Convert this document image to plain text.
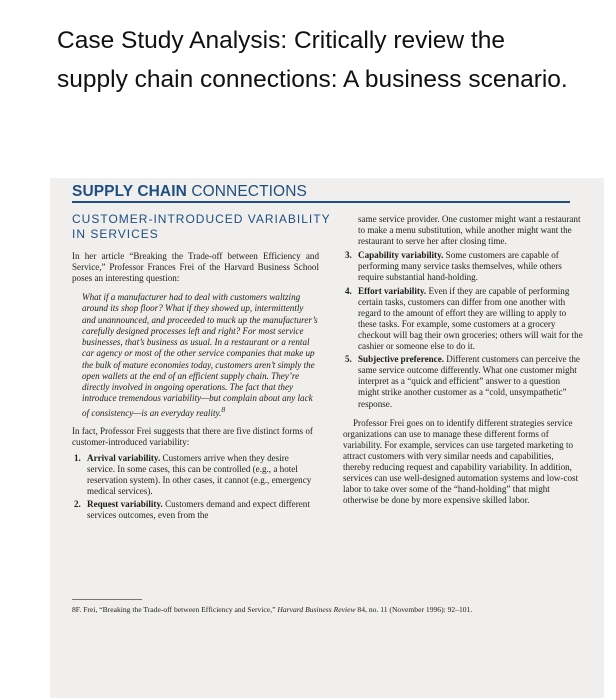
Case Study Analysis: Critically review the supply chain connections: A business scenario.
SUPPLY CHAIN CONNECTIONS
CUSTOMER-INTRODUCED VARIABILITY IN SERVICES

In her article “Breaking the Trade-off between Efficiency and Service,” Professor Frances Frei of the Harvard Business School poses an interesting question:

What if a manufacturer had to deal with customers waltzing around its shop floor? What if they showed up, intermittently and unannounced, and proceeded to muck up the manufacturer’s carefully designed processes left and right? For most service businesses, that’s business as usual. In a restaurant or a rental car agency or most of the other service companies that make up the bulk of mature economies today, customers aren’t simply the open wallets at the end of an efficient supply chain. They’re directly involved in ongoing operations. The fact that they introduce tremendous variability—but complain about any lack of consistency—is an everyday reality.$^8$

In fact, Professor Frei suggests that there are five distinct forms of customer-introduced variability:

1. Arrival variability. Customers arrive when they desire service. In some cases, this can be controlled (e.g., a hotel reservation system). In other cases, it cannot (e.g., emergency medical services).
2. Request variability. Customers demand and expect different services outcomes, even from the

same service provider. One customer might want a restaurant to make a menu substitution, while another might want the restaurant to serve her after closing time.

3. Capability variability. Some customers are capable of performing many service tasks themselves, while others require substantial hand-holding.
4. Effort variability. Even if they are capable of performing certain tasks, customers can differ from one another with regard to the amount of effort they are willing to apply to these tasks. For example, some customers at a grocery checkout will bag their own groceries; others will wait for the cashier or someone else to do it.
5. Subjective preference. Different customers can perceive the same service outcome differently. What one customer might interpret as a “quick and efficient” answer to a question might strike another customer as a “cold, unsympathetic” response.

Professor Frei goes on to identify different strategies service organizations can use to manage these different forms of variability. For example, services can use targeted marketing to attract customers with very similar needs and capabilities, thereby reducing request and capability variability. In addition, services can use well-designed automation systems and low-cost labor to take over some of the “hand-holding” that might otherwise be done by more expensive skilled labor.

8F. Frei, “Breaking the Trade-off between Efficiency and Service,” Harvard Business Review 84, no. 11 (November 1996): 92–101.
